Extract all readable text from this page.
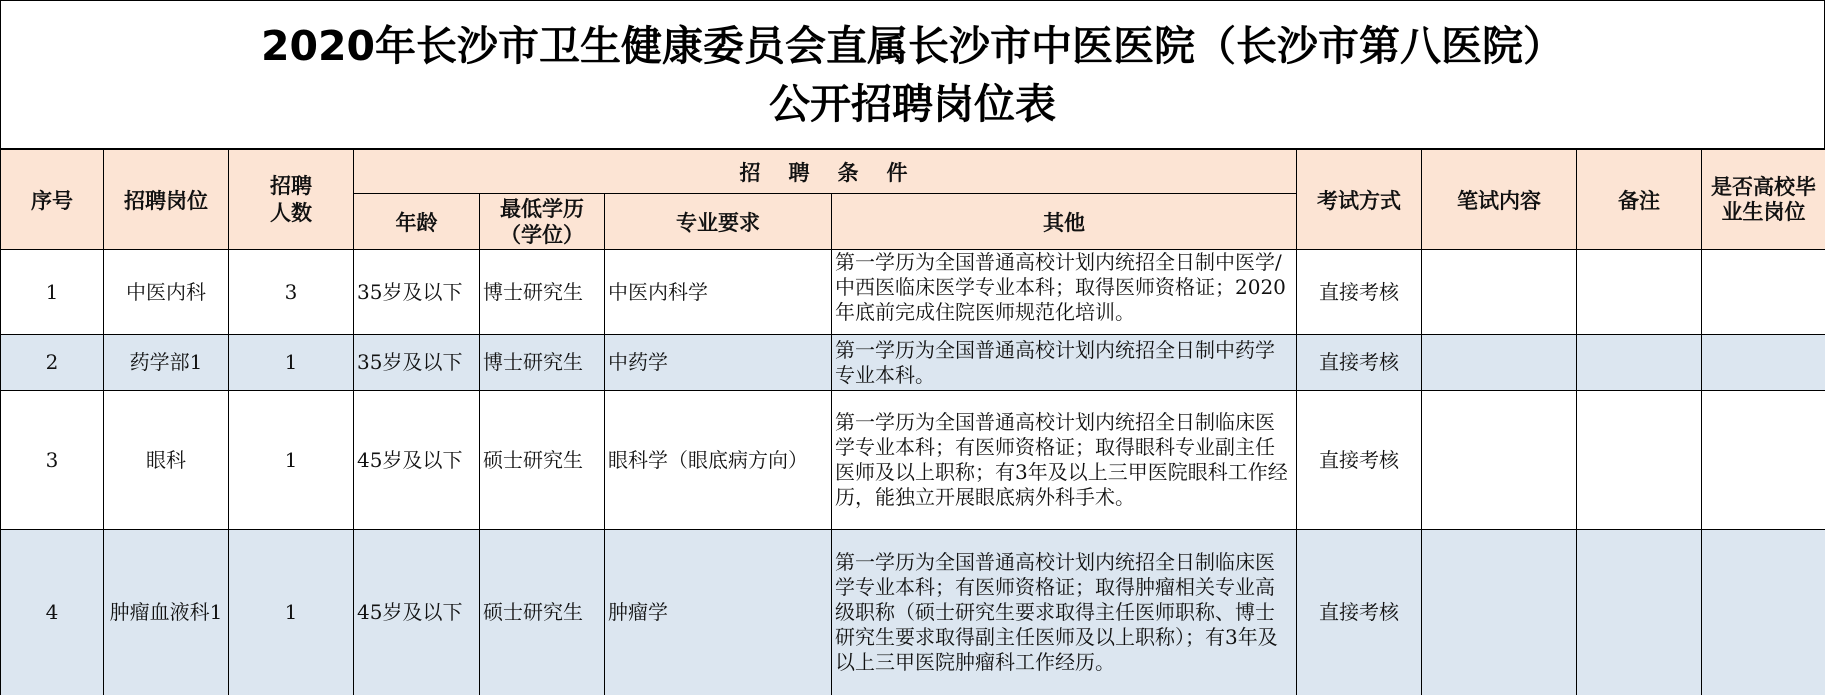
2020年长沙市卫生健康委员会直属长沙市中医医院（长沙市第八医院）
公开招聘岗位表
序号	招聘岗位	招聘人数	招聘条件				考试方式	笔试内容	备注	是否高校毕业生岗位
			年龄	最低学历（学位）	专业要求	其他				
1	中医内科	3	35岁及以下	博士研究生	中医内科学	第一学历为全国普通高校计划内统招全日制中医学/中西医临床医学专业本科；取得医师资格证；2020年底前完成住院医师规范化培训。	直接考核			
2	药学部1	1	35岁及以下	博士研究生	中药学	第一学历为全国普通高校计划内统招全日制中药学专业本科。	直接考核			
3	眼科	1	45岁及以下	硕士研究生	眼科学（眼底病方向）	第一学历为全国普通高校计划内统招全日制临床医学专业本科；有医师资格证；取得眼科专业副主任医师及以上职称；有3年及以上三甲医院眼科工作经历，能独立开展眼底病外科手术。	直接考核			
4	肿瘤血液科1	1	45岁及以下	硕士研究生	肿瘤学	第一学历为全国普通高校计划内统招全日制临床医学专业本科；有医师资格证；取得肿瘤相关专业高级职称（硕士研究生要求取得主任医师职称、博士研究生要求取得副主任医师及以上职称）；有3年及以上三甲医院肿瘤科工作经历。	直接考核			
